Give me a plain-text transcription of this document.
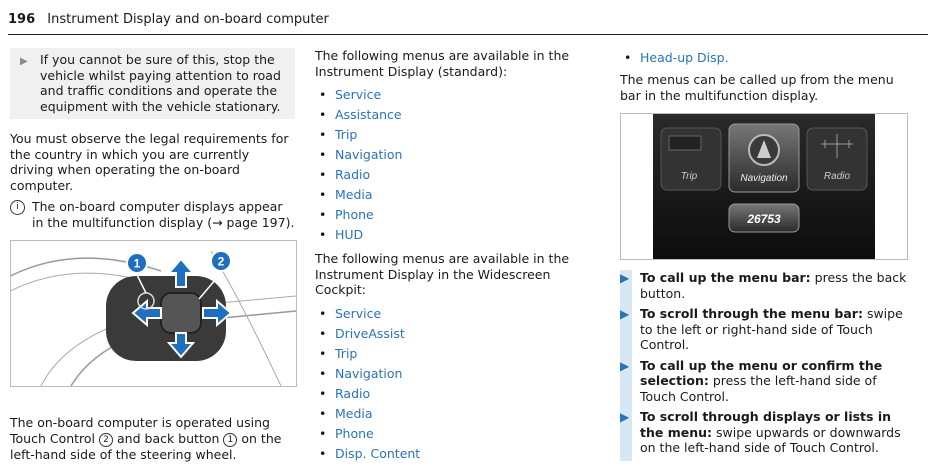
196 Instrument Display and on-board computer
▶ If you cannot be sure of this, stop the vehicle whilst paying attention to road and traffic conditions and operate the equipment with the vehicle stationary.

You must observe the legal requirements for the country in which you are currently driving when operating the on-board computer.

i	The on-board computer displays appear in the multifunction display (→ page 197).
1	2

The on-board computer is operated using Touch Control 2 and back button 1 on the left-hand side of the steering wheel.

The following menus are available in the Instrument Display (standard):

• Service
• Assistance
• Trip
• Navigation
• Radio
• Media
• Phone
• HUD

The following menus are available in the Instrument Display in the Widescreen Cockpit:

• Service
• DriveAssist
• Trip
• Navigation
• Radio
• Media
• Phone
• Disp. Content
• Head-up Disp.

The menus can be called up from the menu bar in the multifunction display.

Trip	Navigation	Radio
26753
▶ To call up the menu bar: press the back button.
▶ To scroll through the menu bar: swipe to the left or right-hand side of Touch Control.
▶ To call up the menu or confirm the selection: press the left-hand side of Touch Control.
▶ To scroll through displays or lists in the menu: swipe upwards or downwards on the left-hand side of Touch Control.
